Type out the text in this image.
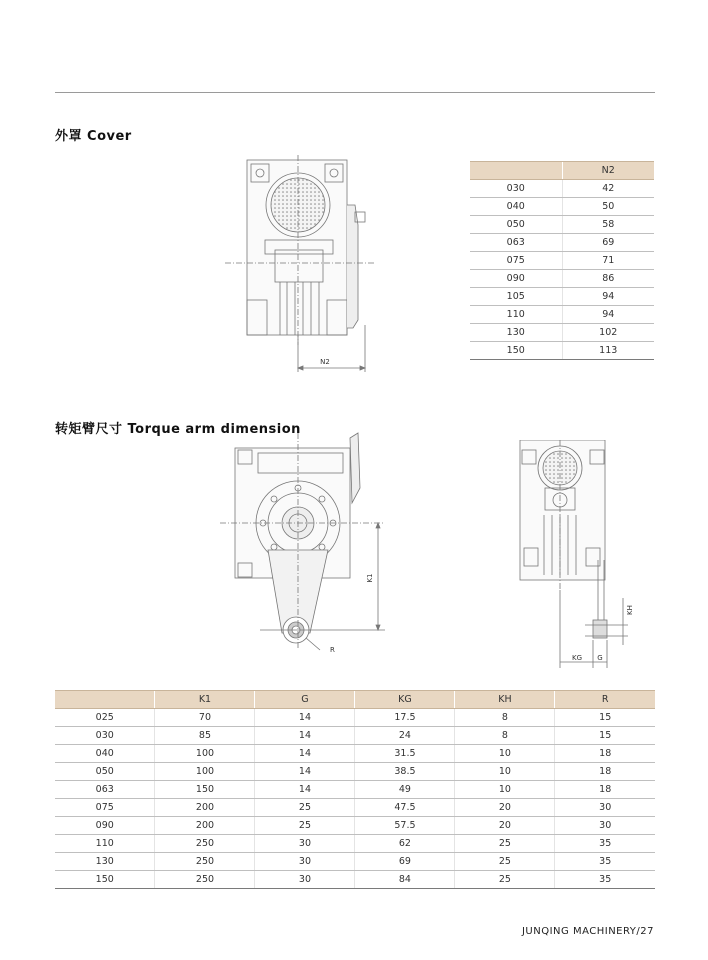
外罩 Cover
N2
	N2
030	42
040	50
050	58
063	69
075	71
090	86
105	94
110	94
130	102
150	113
转矩臂尺寸 Torque arm dimension
K1
R
KH
KG G
	K1	G	KG	KH	R
025	70	14	17.5	8	15
030	85	14	24	8	15
040	100	14	31.5	10	18
050	100	14	38.5	10	18
063	150	14	49	10	18
075	200	25	47.5	20	30
090	200	25	57.5	20	30
110	250	30	62	25	35
130	250	30	69	25	35
150	250	30	84	25	35
JUNQING MACHINERY/27
